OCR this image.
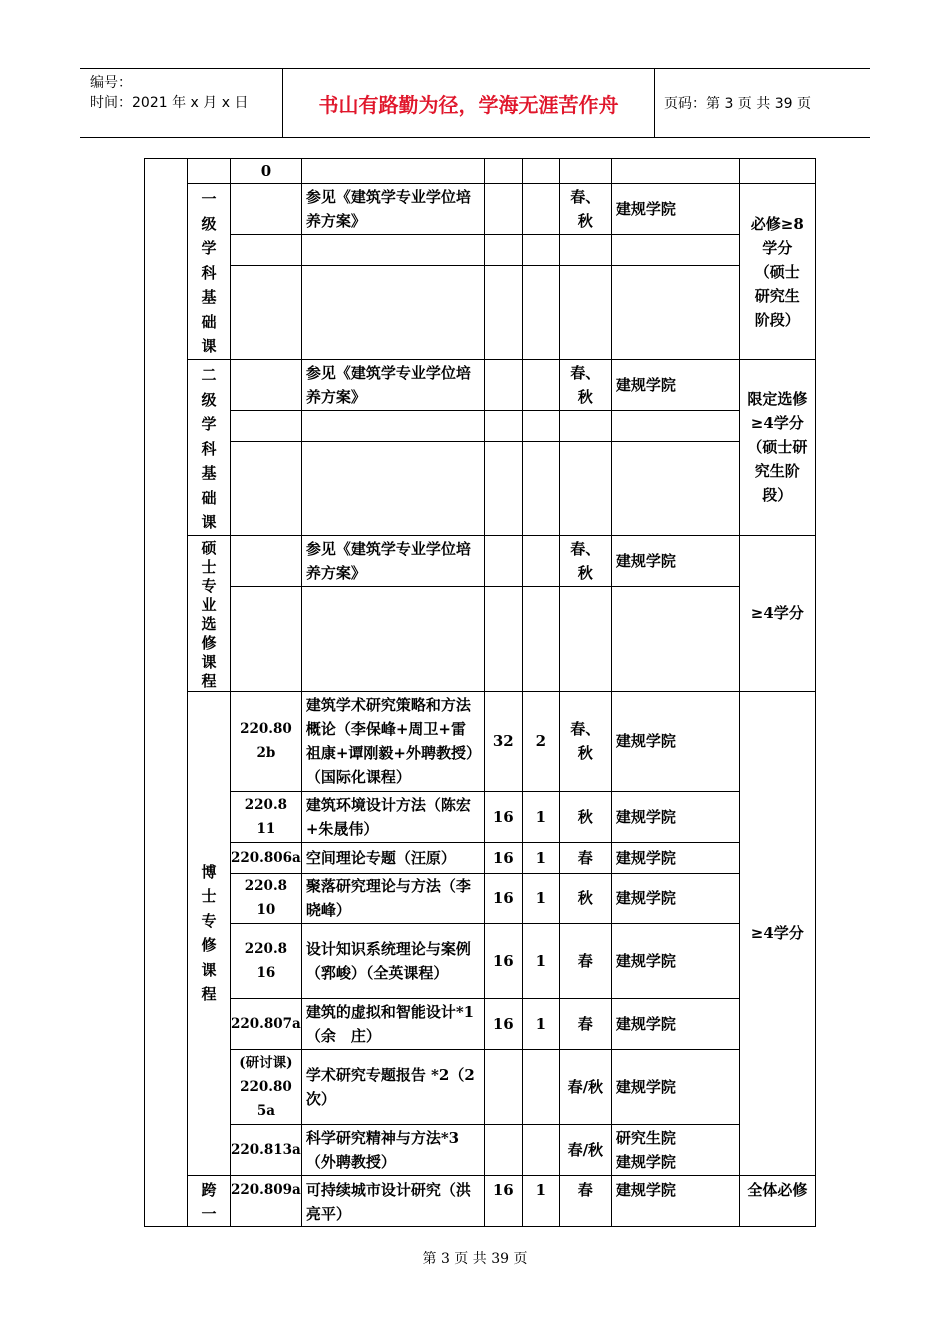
编号：
时间：2021 年 x 月 x 日	书山有路勤为径，学海无涯苦作舟	页码：第 3 页 共 39 页
		0						
	一级学科基础课		参见《建筑学专业学位培养方案》			春、秋	建规学院	必修≥8学分（硕士研究生阶段）

	二级学科基础课		参见《建筑学专业学位培养方案》			春、秋	建规学院	限定选修≥4学分（硕士研究生阶段）

	硕士专业选修课程		参见《建筑学专业学位培养方案》			春、秋	建规学院	≥4学分

	博士专修课程	220.802b	建筑学术研究策略和方法概论（李保峰+周卫+雷祖康+谭刚毅+外聘教授）（国际化课程）	32	2	春、秋	建规学院	≥4学分
		220.811	建筑环境设计方法（陈宏+朱晟伟）	16	1	秋	建规学院	
		220.806a	空间理论专题（汪原）	16	1	春	建规学院	
		220.810	聚落研究理论与方法（李晓峰）	16	1	秋	建规学院	
		220.816	设计知识系统理论与案例（郛峻）（全英课程）	16	1	春	建规学院	
		220.807a	建筑的虚拟和智能设计*1（余　庄）	16	1	春	建规学院	
		(研讨课) 220.805a	学术研究专题报告 *2（2 次）			春/秋	建规学院	
		220.813a	科学研究精神与方法*3（外聘教授）			春/秋	研究生院 建规学院	
	跨一	220.809a	可持续城市设计研究（洪亮平）	16	1	春	建规学院	全体必修
第 3 页 共 39 页
